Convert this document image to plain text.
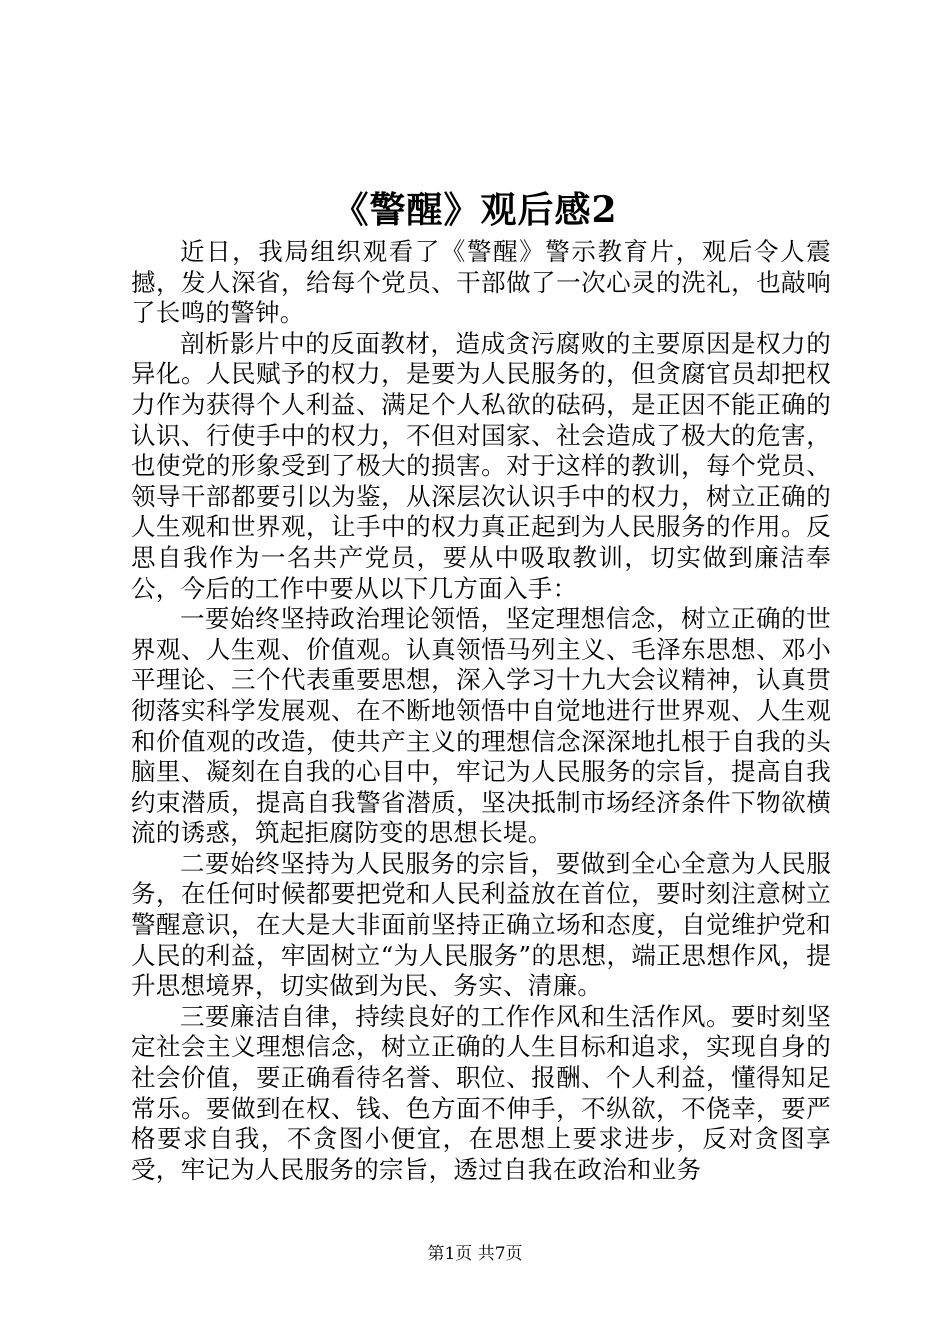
《警醒》观后感2

近日，我局组织观看了《警醒》警示教育片，观后令人震撼，发人深省，给每个党员、干部做了一次心灵的洗礼，也敲响了长鸣的警钟。

剖析影片中的反面教材，造成贪污腐败的主要原因是权力的异化。人民赋予的权力，是要为人民服务的，但贪腐官员却把权力作为获得个人利益、满足个人私欲的砝码，是正因不能正确的认识、行使手中的权力，不但对国家、社会造成了极大的危害，也使党的形象受到了极大的损害。对于这样的教训，每个党员、领导干部都要引以为鉴，从深层次认识手中的权力，树立正确的人生观和世界观，让手中的权力真正起到为人民服务的作用。反思自我作为一名共产党员，要从中吸取教训，切实做到廉洁奉公，今后的工作中要从以下几方面入手：

一要始终坚持政治理论领悟，坚定理想信念，树立正确的世界观、人生观、价值观。认真领悟马列主义、毛泽东思想、邓小平理论、三个代表重要思想，深入学习十九大会议精神，认真贯彻落实科学发展观、在不断地领悟中自觉地进行世界观、人生观和价值观的改造，使共产主义的理想信念深深地扎根于自我的头脑里、凝刻在自我的心目中，牢记为人民服务的宗旨，提高自我约束潜质，提高自我警省潜质，坚决抵制市场经济条件下物欲横流的诱惑，筑起拒腐防变的思想长堤。

二要始终坚持为人民服务的宗旨，要做到全心全意为人民服务，在任何时候都要把党和人民利益放在首位，要时刻注意树立警醒意识，在大是大非面前坚持正确立场和态度，自觉维护党和人民的利益，牢固树立“为人民服务”的思想，端正思想作风，提升思想境界，切实做到为民、务实、清廉。

三要廉洁自律，持续良好的工作作风和生活作风。要时刻坚定社会主义理想信念，树立正确的人生目标和追求，实现自身的社会价值，要正确看待名誉、职位、报酬、个人利益，懂得知足常乐。要做到在权、钱、色方面不伸手，不纵欲，不侥幸，要严格要求自我，不贪图小便宜，在思想上要求进步，反对贪图享受，牢记为人民服务的宗旨，透过自我在政治和业务

第1页 共7页
